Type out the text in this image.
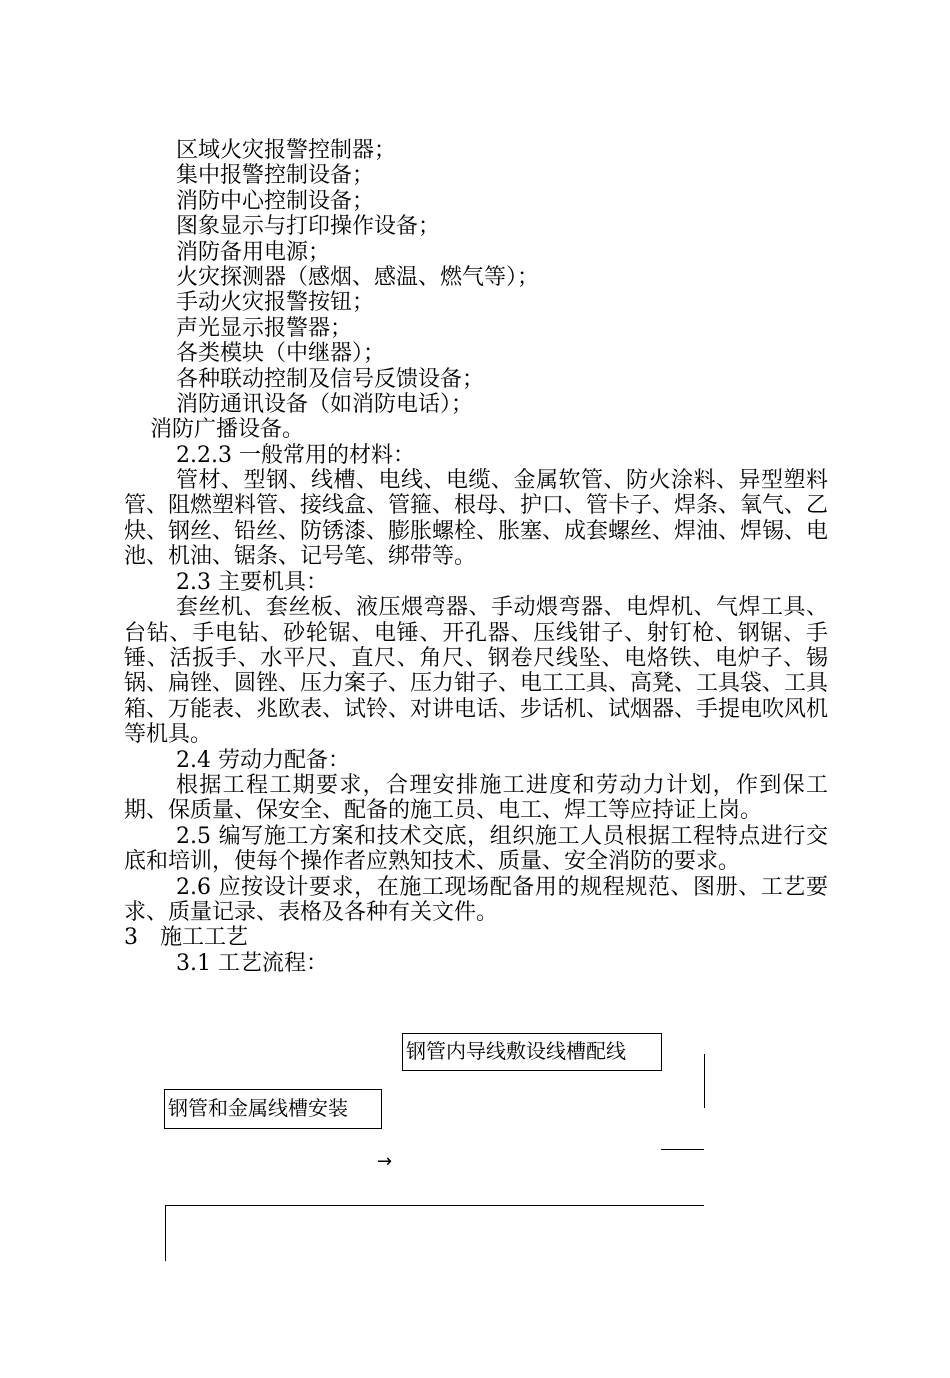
区域火灾报警控制器；
集中报警控制设备；
消防中心控制设备；
图象显示与打印操作设备；
消防备用电源；
火灾探测器（感烟、感温、燃气等）；
手动火灾报警按钮；
声光显示报警器；
各类模块（中继器）；
各种联动控制及信号反馈设备；
消防通讯设备（如消防电话）；
消防广播设备。
2.2.3 一般常用的材料：
管材、型钢、线槽、电线、电缆、金属软管、防火涂料、异型塑料管、阻燃塑料管、接线盒、管箍、根母、护口、管卡子、焊条、氧气、乙炔、钢丝、铅丝、防锈漆、膨胀螺栓、胀塞、成套螺丝、焊油、焊锡、电池、机油、锯条、记号笔、绑带等。
2.3 主要机具：
套丝机、套丝板、液压煨弯器、手动煨弯器、电焊机、气焊工具、台钻、手电钻、砂轮锯、电锤、开孔器、压线钳子、射钉枪、钢锯、手锤、活扳手、水平尺、直尺、角尺、钢卷尺线坠、电烙铁、电炉子、锡锅、扁锉、圆锉、压力案子、压力钳子、电工工具、高凳、工具袋、工具箱、万能表、兆欧表、试铃、对讲电话、步话机、试烟器、手提电吹风机等机具。
2.4 劳动力配备：
根据工程工期要求，合理安排施工进度和劳动力计划，作到保工期、保质量、保安全、配备的施工员、电工、焊工等应持证上岗。
2.5 编写施工方案和技术交底，组织施工人员根据工程特点进行交底和培训，使每个操作者应熟知技术、质量、安全消防的要求。
2.6 应按设计要求，在施工现场配备用的规程规范、图册、工艺要求、质量记录、表格及各种有关文件。
3 施工工艺
3.1 工艺流程：
钢管内导线敷设线槽配线
钢管和金属线槽安装
→
